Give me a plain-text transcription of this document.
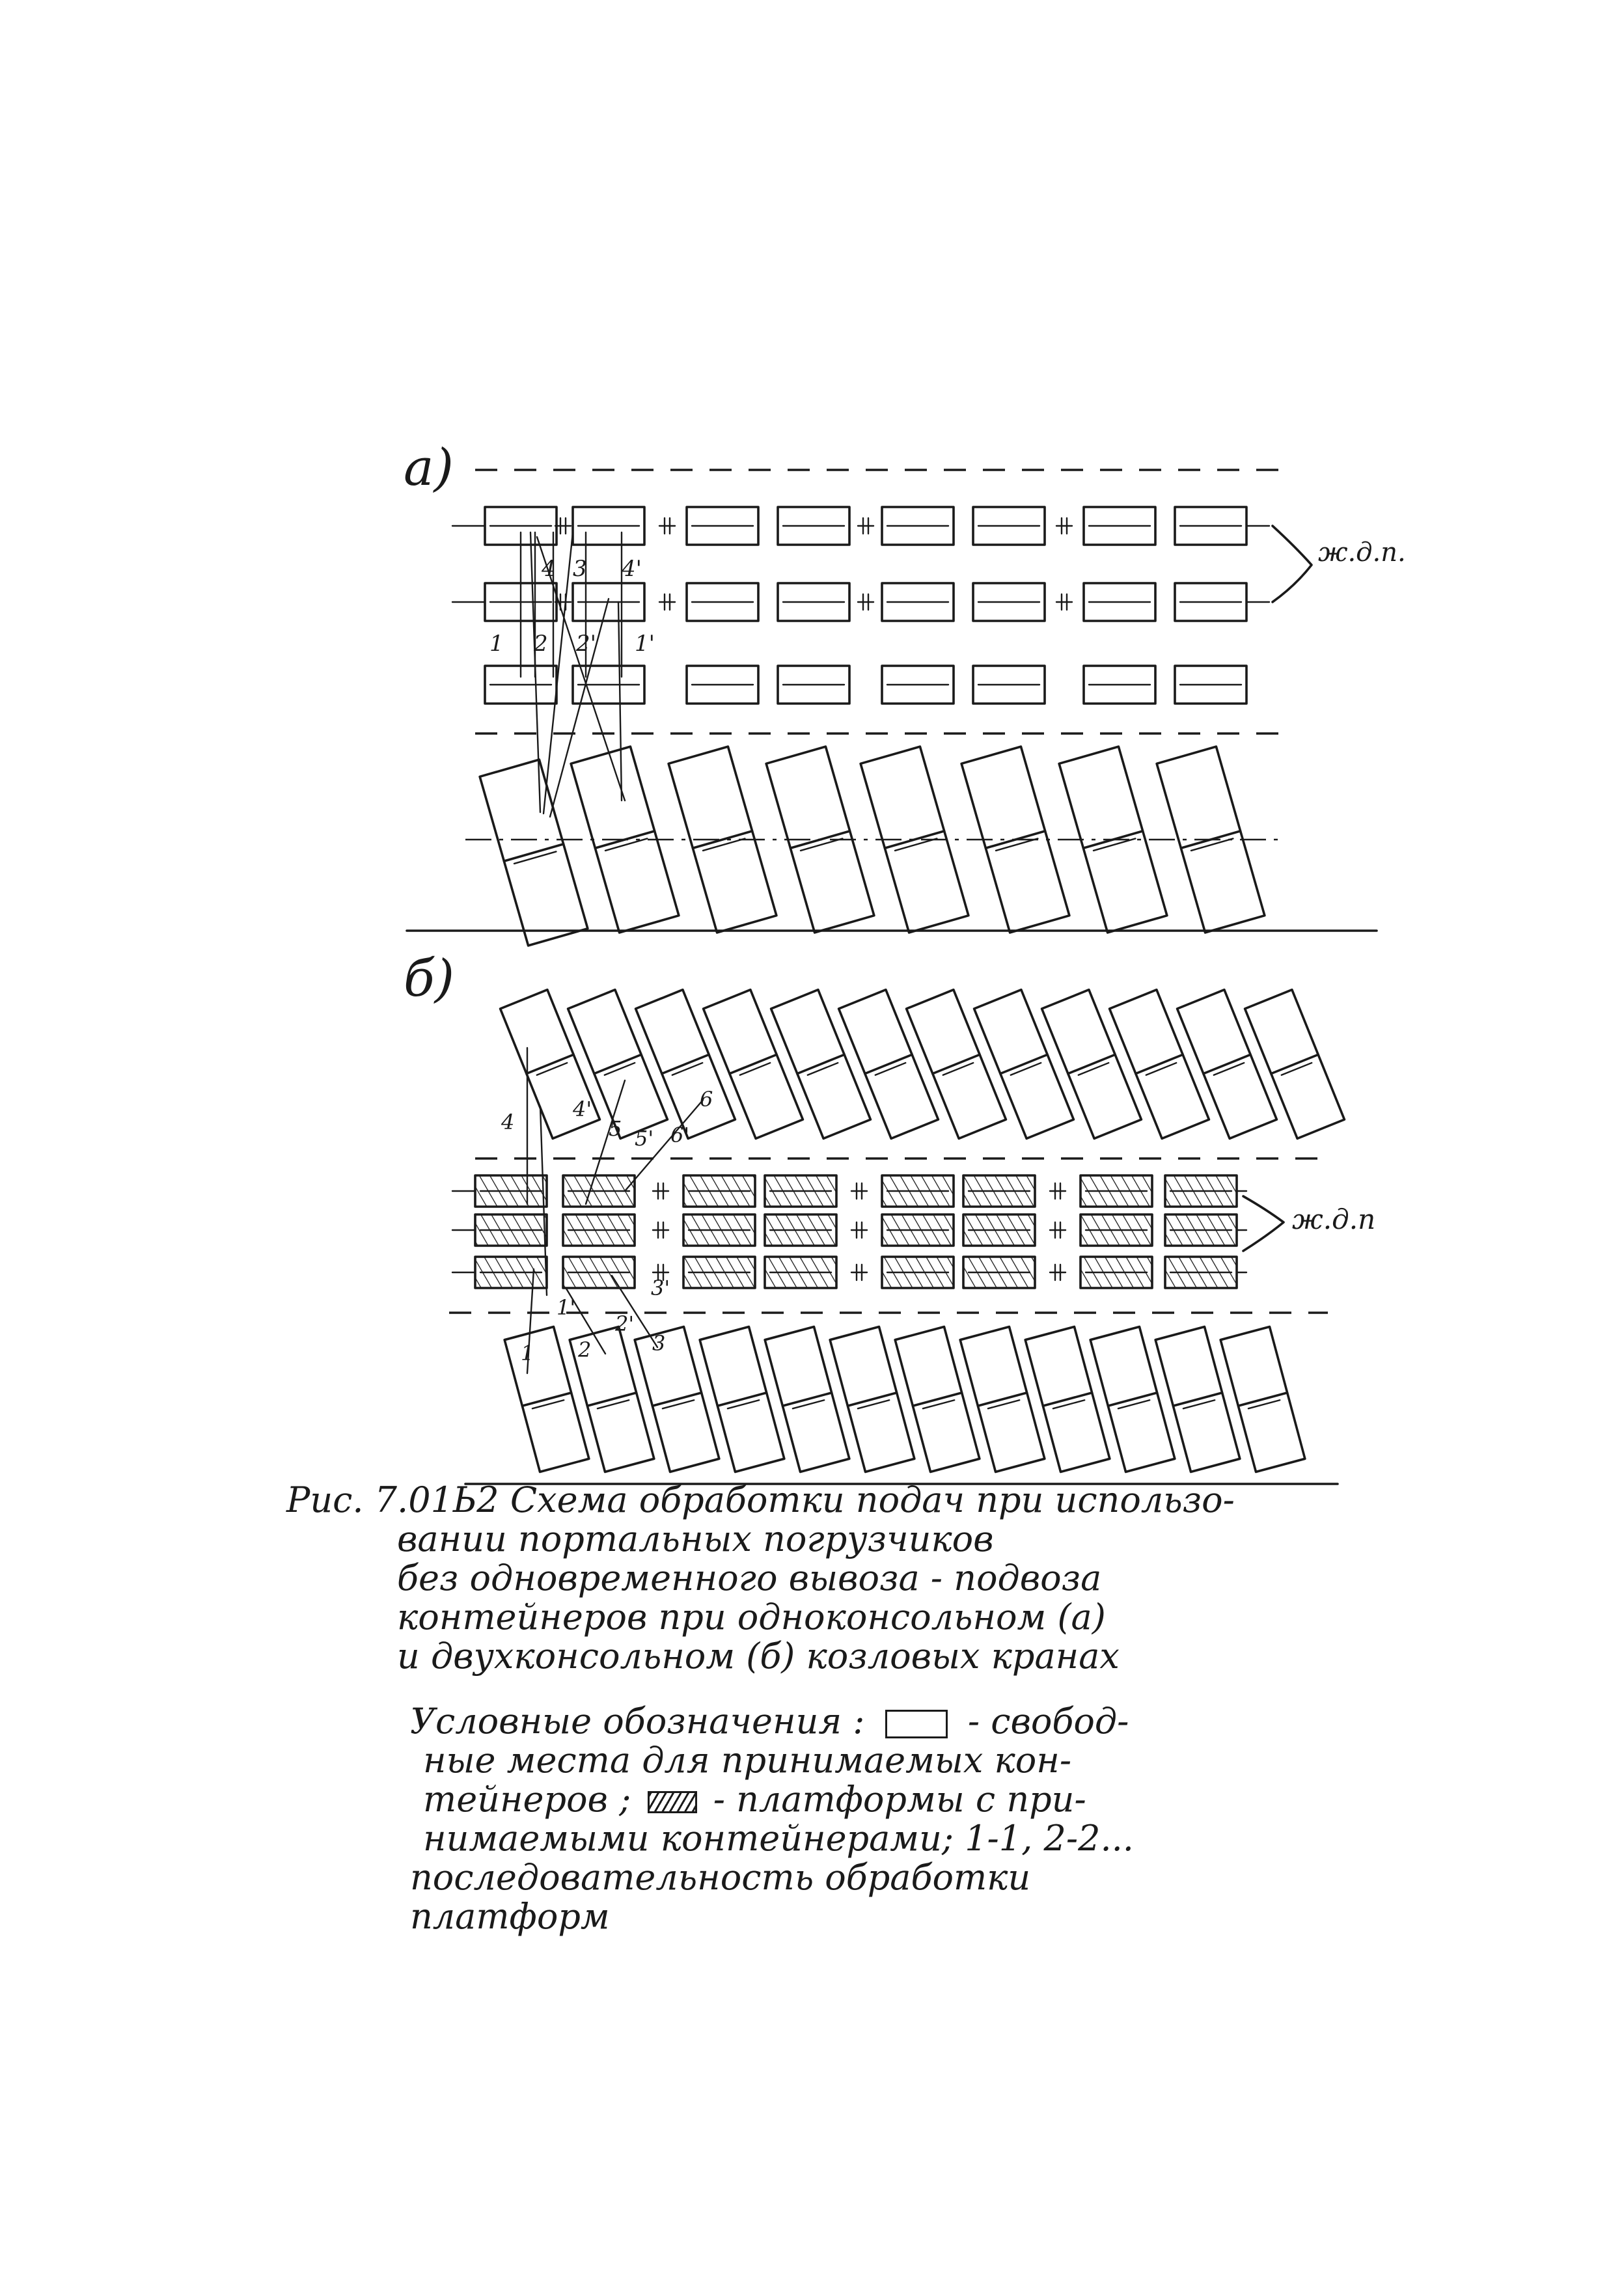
а)
ж.д.п.
4 3 4'
1 2 2' 1'
б)
ж.д.п
4
4'
5 5' 6'
6
3'
2'
1'
1 2	3

Рис. 7.01Ь2 Схема обработки подач при использо-

вании портальных погрузчиков

без одновременного вывоза - подвоза

контейнеров при одноконсольном (а)

и двухконсольном (б) козловых кранах

Условные обозначения :	- свобод-

ные места для принимаемых кон-

тейнеров ; - платформы с при-

нимаемыми контейнерами; 1-1, 2-2...

последовательность обработки

платформ
